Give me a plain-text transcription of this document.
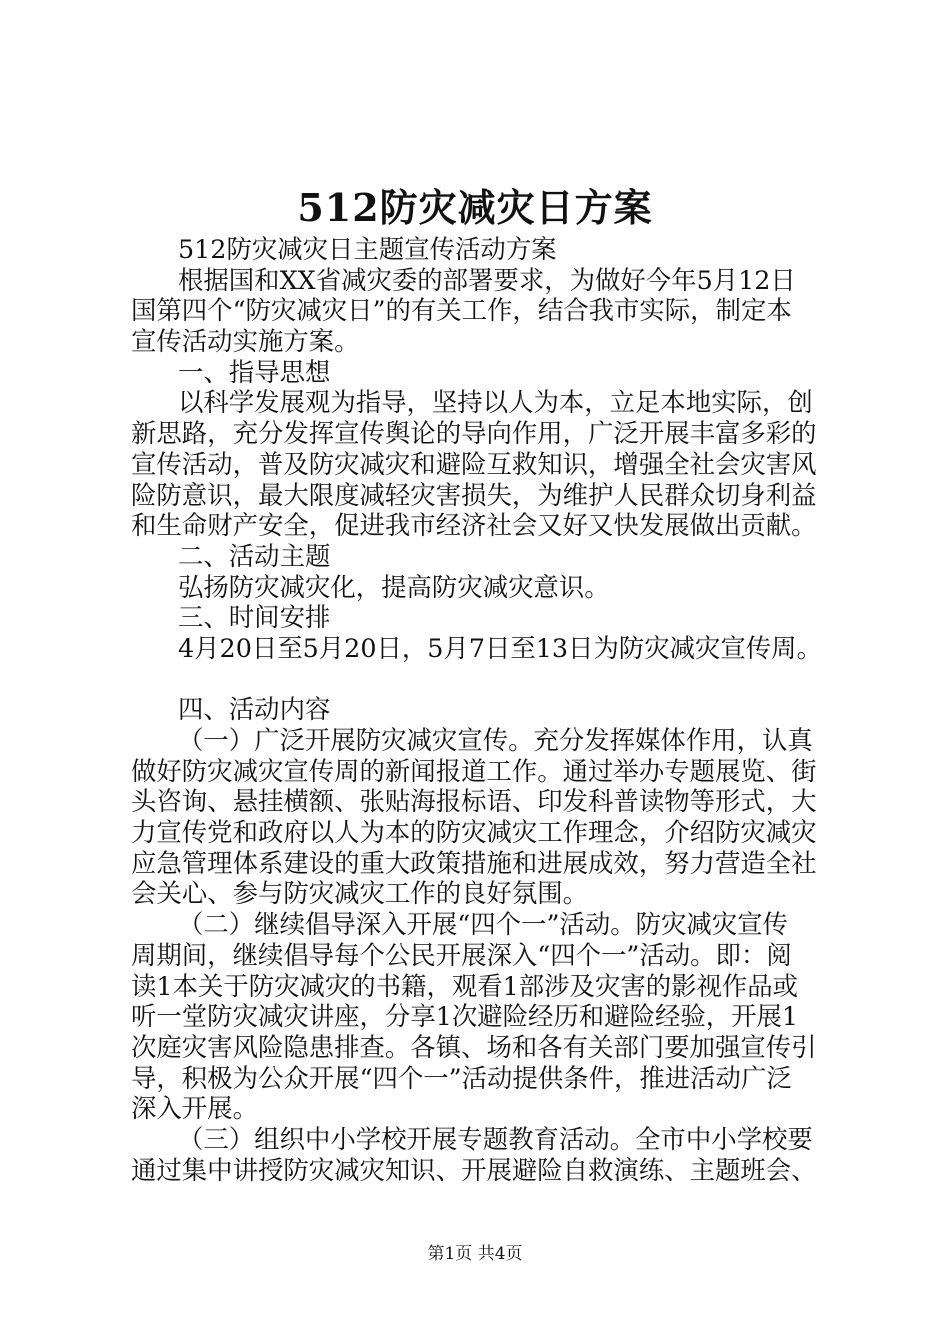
512防灾减灾日方案
512防灾减灾日主题宣传活动方案
根据国和XX省减灾委的部署要求，为做好今年5月12日
国第四个“防灾减灾日”的有关工作，结合我市实际，制定本
宣传活动实施方案。
一、指导思想
以科学发展观为指导，坚持以人为本，立足本地实际，创
新思路，充分发挥宣传舆论的导向作用，广泛开展丰富多彩的
宣传活动，普及防灾减灾和避险互救知识，增强全社会灾害风
险防意识，最大限度减轻灾害损失，为维护人民群众切身利益
和生命财产安全，促进我市经济社会又好又快发展做出贡献。
二、活动主题
弘扬防灾减灾化，提高防灾减灾意识。
三、时间安排
4月20日至5月20日，5月7日至13日为防灾减灾宣传周。
四、活动内容
（一）广泛开展防灾减灾宣传。充分发挥媒体作用，认真
做好防灾减灾宣传周的新闻报道工作。通过举办专题展览、街
头咨询、悬挂横额、张贴海报标语、印发科普读物等形式，大
力宣传党和政府以人为本的防灾减灾工作理念，介绍防灾减灾
应急管理体系建设的重大政策措施和进展成效，努力营造全社
会关心、参与防灾减灾工作的良好氛围。
（二）继续倡导深入开展“四个一”活动。防灾减灾宣传
周期间，继续倡导每个公民开展深入“四个一”活动。即：阅
读1本关于防灾减灾的书籍，观看1部涉及灾害的影视作品或
听一堂防灾减灾讲座，分享1次避险经历和避险经验，开展1
次庭灾害风险隐患排查。各镇、场和各有关部门要加强宣传引
导，积极为公众开展“四个一”活动提供条件，推进活动广泛
深入开展。
（三）组织中小学校开展专题教育活动。全市中小学校要
通过集中讲授防灾减灾知识、开展避险自救演练、主题班会、
第1页 共4页
